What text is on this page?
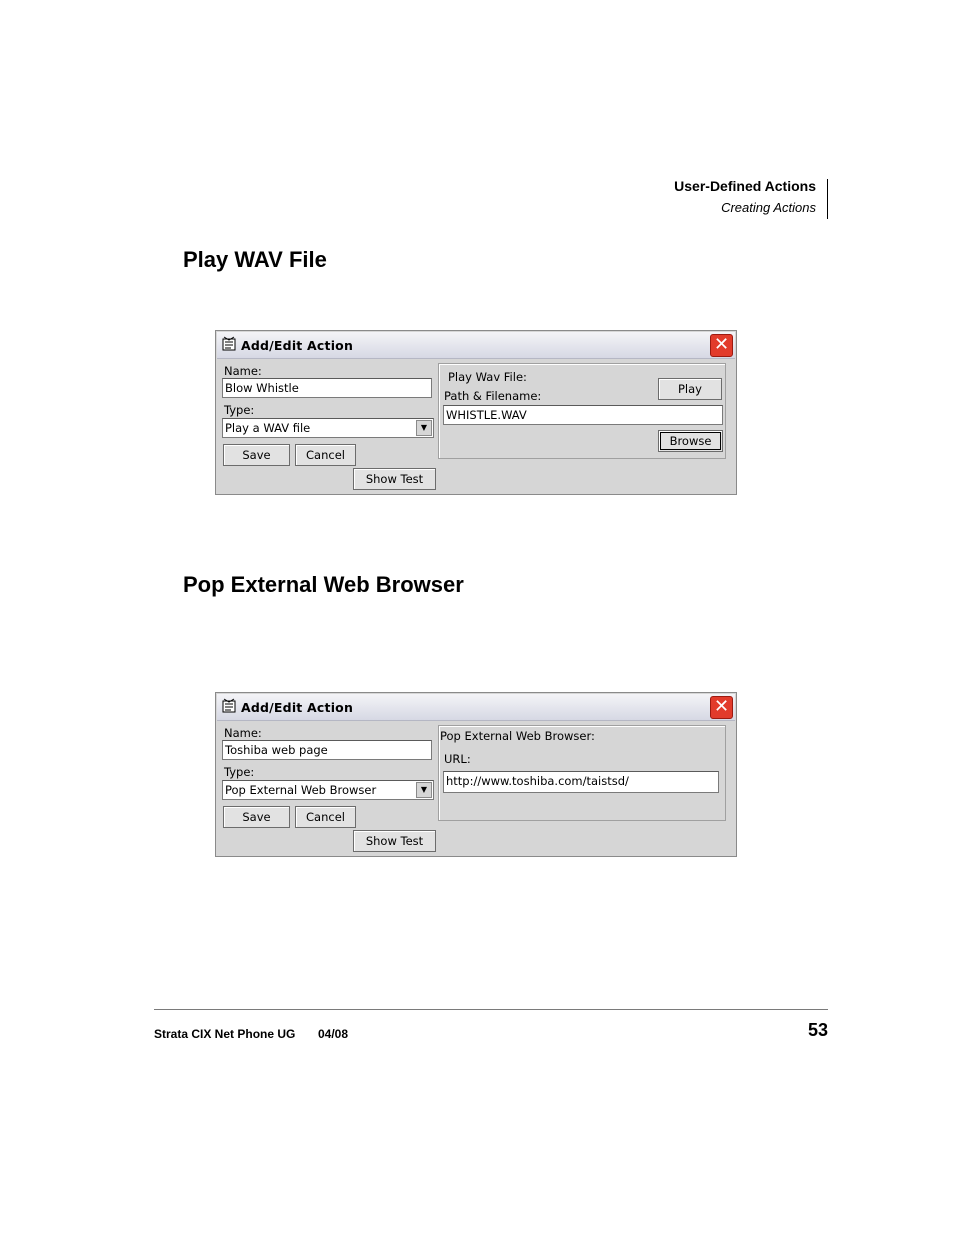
User-Defined Actions
Creating Actions
Play WAV File
Add/Edit Action	✕
Name:
Blow Whistle
Type:
Play a WAV file	▼
Save	Cancel
Show Test
Play Wav File:
Path & Filename:	Play
WHISTLE.WAV
Browse
Pop External Web Browser
Add/Edit Action	✕
Name:
Toshiba web page
Type:
Pop External Web Browser	▼
Save	Cancel
Show Test
Pop External Web Browser:
URL:
http://www.toshiba.com/taistsd/
Strata CIX Net Phone UG 04/08	53
